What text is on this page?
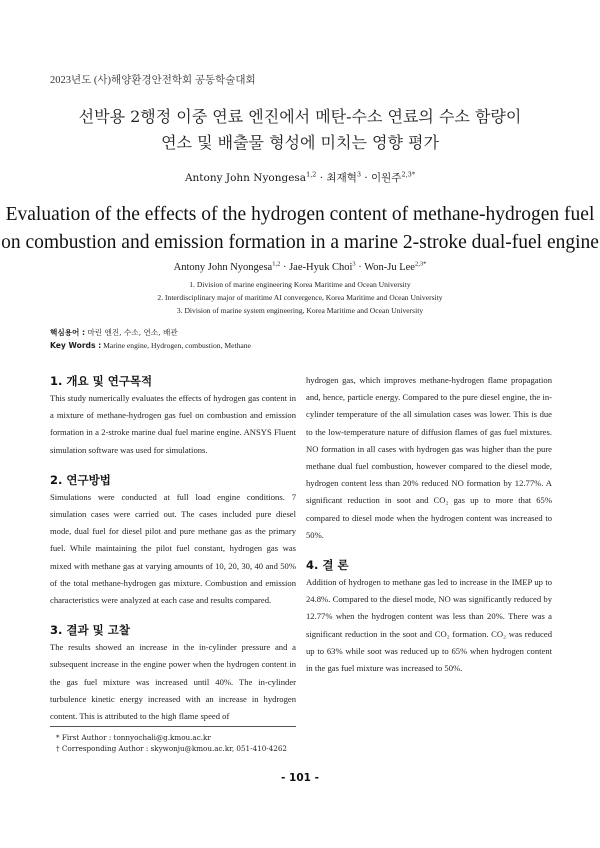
2023년도 (사)해양환경안전학회 공동학술대회
선박용 2행정 이중 연료 엔진에서 메탄-수소 연료의 수소 함량이
연소 및 배출물 형성에 미치는 영향 평가
Antony John Nyongesa$^{1,2}$ · 최재혁$^3$ · 이원주$^{2,3*}$
Evaluation of the effects of the hydrogen content of methane-hydrogen fuel
on combustion and emission formation in a marine 2-stroke dual-fuel engine
Antony John Nyongesa$^{1,2}$ · Jae-Hyuk Choi$^3$ · Won-Ju Lee$^{2,3*}$
1. Division of marine engineering Korea Maritime and Ocean University
2. Interdisciplinary major of maritime AI convergence, Korea Maritime and Ocean University
3. Division of marine system engineering, Korea Maritime and Ocean University
핵심용어 : 마린 엔진, 수소, 연소, 배관
Key Words : Marine engine, Hydrogen, combustion, Methane
1. 개요 및 연구목적

This study numerically evaluates the effects of hydrogen gas content in a mixture of methane-hydrogen gas fuel on combustion and emission formation in a 2-stroke marine dual fuel marine engine. ANSYS Fluent simulation software was used for simulations.

2. 연구방법

Simulations were conducted at full load engine conditions. 7 simulation cases were carried out. The cases included pure diesel mode, dual fuel for diesel pilot and pure methane gas as the primary fuel. While maintaining the pilot fuel constant, hydrogen gas was mixed with methane gas at varying amounts of 10, 20, 30, 40 and 50% of the total methane-hydrogen gas mixture. Combustion and emission characteristics were analyzed at each case and results compared.

3. 결과 및 고찰

The results showed an increase in the in-cylinder pressure and a subsequent increase in the engine power when the hydrogen content in the gas fuel mixture was increased until 40%. The in-cylinder turbulence kinetic energy increased with an increase in hydrogen content. This is attributed to the high flame speed of

hydrogen gas, which improves methane-hydrogen flame propagation and, hence, particle energy. Compared to the pure diesel engine, the in-cylinder temperature of the all simulation cases was lower. This is due to the low-temperature nature of diffusion flames of gas fuel mixtures. NO formation in all cases with hydrogen gas was higher than the pure methane dual fuel combustion, however compared to the diesel mode, hydrogen content less than 20% reduced NO formation by 12.77%. A significant reduction in soot and CO₂ gas up to more that 65% compared to diesel mode when the hydrogen content was increased to 50%.

4. 결 론

Addition of hydrogen to methane gas led to increase in the IMEP up to 24.8%. Compared to the diesel mode, NO was significantly reduced by 12.77% when the hydrogen content was less than 20%. There was a significant reduction in the soot and CO₂ formation. CO₂ was reduced up to 63% while soot was reduced up to 65% when hydrogen content in the gas fuel mixture was increased to 50%.

* First Author : tonnyochali@g.kmou.ac.kr
† Corresponding Author : skywonju@kmou.ac.kr, 051-410-4262
- 101 -
